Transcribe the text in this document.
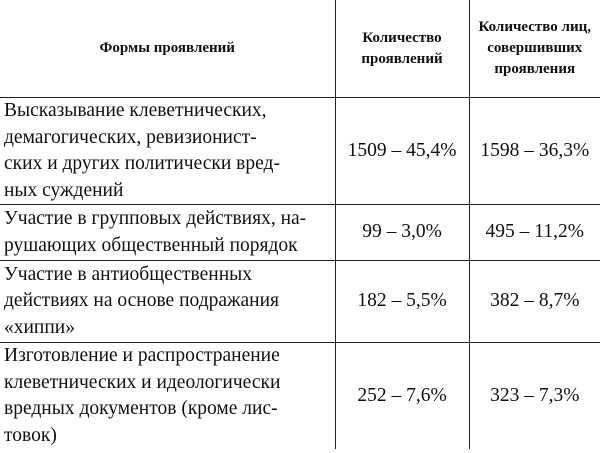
Формы проявлений	Количество проявлений	Количество лиц, совершивших проявления
Высказывание клеветнических,
демагогических, ревизионист-
ских и других политически вред-
ных суждений	1509 – 45,4%	1598 – 36,3%
Участие в групповых действиях, на-
рушающих общественный порядок	99 – 3,0%	495 – 11,2%
Участие в антиобщественных
действиях на основе подражания
«хиппи»	182 – 5,5%	382 – 8,7%
Изготовление и распространение
клеветнических и идеологически
вредных документов (кроме лис-
товок)	252 – 7,6%	323 – 7,3%
